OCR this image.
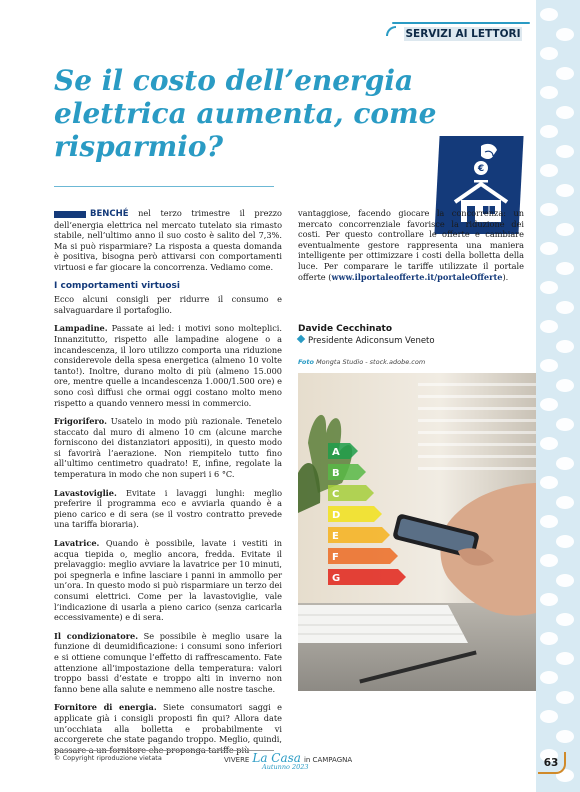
SERVIZI AI LETTORI
Se il costo dell’energia elettrica aumenta, come risparmio?
€

BENCHÉ nel terzo trimestre il prezzo dell’energia elettrica nel mercato tutelato sia rimasto stabile, nell’ultimo anno il suo costo è salito del 7,3%. Ma si può risparmiare? La risposta a questa domanda è positiva, bisogna però attivarsi con comportamenti virtuosi e far giocare la concorrenza. Vediamo come.

I comportamenti virtuosi

Ecco alcuni consigli per ridurre il consumo e salvaguardare il portafoglio.

Lampadine. Passate ai led: i motivi sono molteplici. Innanzitutto, rispetto alle lampadine alogene o a incandescenza, il loro utilizzo comporta una riduzione considerevole della spesa energetica (almeno 10 volte tanto!). Inoltre, durano molto di più (almeno 15.000 ore, mentre quelle a incandescenza 1.000/1.500 ore) e sono così diffusi che ormai oggi costano molto meno rispetto a quando vennero messi in commercio.

Frigorifero. Usatelo in modo più razionale. Tenetelo staccato dal muro di almeno 10 cm (alcune marche forniscono dei distanziatori appositi), in questo modo si favorirà l’aerazione. Non riempitelo tutto fino all’ultimo centimetro quadrato! E, infine, regolate la temperatura in modo che non superi i 6 °C.

Lavastoviglie. Evitate i lavaggi lunghi: meglio preferire il programma eco e avviarla quando è a pieno carico e di sera (se il vostro contratto prevede una tariffa bioraria).

Lavatrice. Quando è possibile, lavate i vestiti in acqua tiepida o, meglio ancora, fredda. Evitate il prelavaggio: meglio avviare la lavatrice per 10 minuti, poi spegnerla e infine lasciare i panni in ammollo per un’ora. In questo modo si può risparmiare un terzo dei consumi elettrici. Come per la lavastoviglie, vale l’indicazione di usarla a pieno carico (senza caricarla eccessivamente) e di sera.

Il condizionatore. Se possibile è meglio usare la funzione di deumidificazione: i consumi sono inferiori e si ottiene comunque l’effetto di raffrescamento. Fate attenzione all’impostazione della temperatura: valori troppo bassi d’estate e troppo alti in inverno non fanno bene alla salute e nemmeno alle nostre tasche.

Fornitore di energia. Siete consumatori saggi e applicate già i consigli proposti fin qui? Allora date un’occhiata alla bolletta e probabilmente vi accorgerete che state pagando troppo. Meglio, quindi,

vantaggiose, facendo giocare la concorrenza: un mercato concorrenziale favorisce la riduzione dei costi. Per questo controllare le offerte e cambiare eventualmente gestore rappresenta una maniera intelligente per ottimizzare i costi della bolletta della luce. Per comparare le tariffe utilizzate il portale offerte (www.ilportaleofferte.it/portaleOfferte).

Davide Cecchinato
Presidente Adiconsum Veneto
Foto Mongta Studio - stock.adobe.com
A
B
C
D
E
F
G
© Copyright riproduzione vietata	VIVERE La Casa in CAMPAGNA
Autunno 2023	63
